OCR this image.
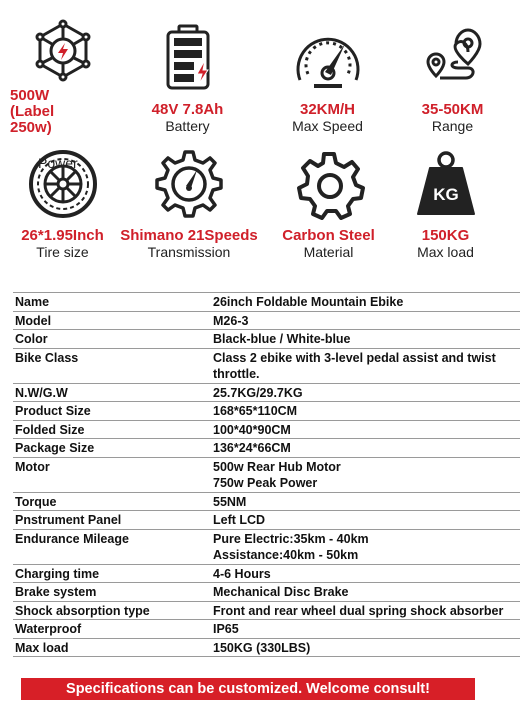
500W
(Label
250w)
Power
48V 7.8Ah
Battery
32KM/H
Max Speed
35-50KM
Range
26*1.95Inch
Tire size
Shimano 21Speeds
Transmission
Carbon Steel
Material
KG
150KG
Max load
Name	26inch Foldable Mountain Ebike
Model	M26-3
Color	Black-blue / White-blue
Bike Class	Class 2 ebike with 3-level pedal assist and twist throttle.
N.W/G.W	25.7KG/29.7KG
Product Size	168*65*110CM
Folded Size	100*40*90CM
Package Size	136*24*66CM
Motor	500w Rear Hub Motor
750w Peak Power
Torque	55NM
Pnstrument Panel	Left LCD
Endurance Mileage	Pure Electric:35km - 40km
Assistance:40km - 50km
Charging time	4-6 Hours
Brake system	Mechanical Disc Brake
Shock absorption type	Front and rear wheel dual spring shock absorber
Waterproof	IP65
Max load	150KG (330LBS)
Specifications can be customized. Welcome consult!
